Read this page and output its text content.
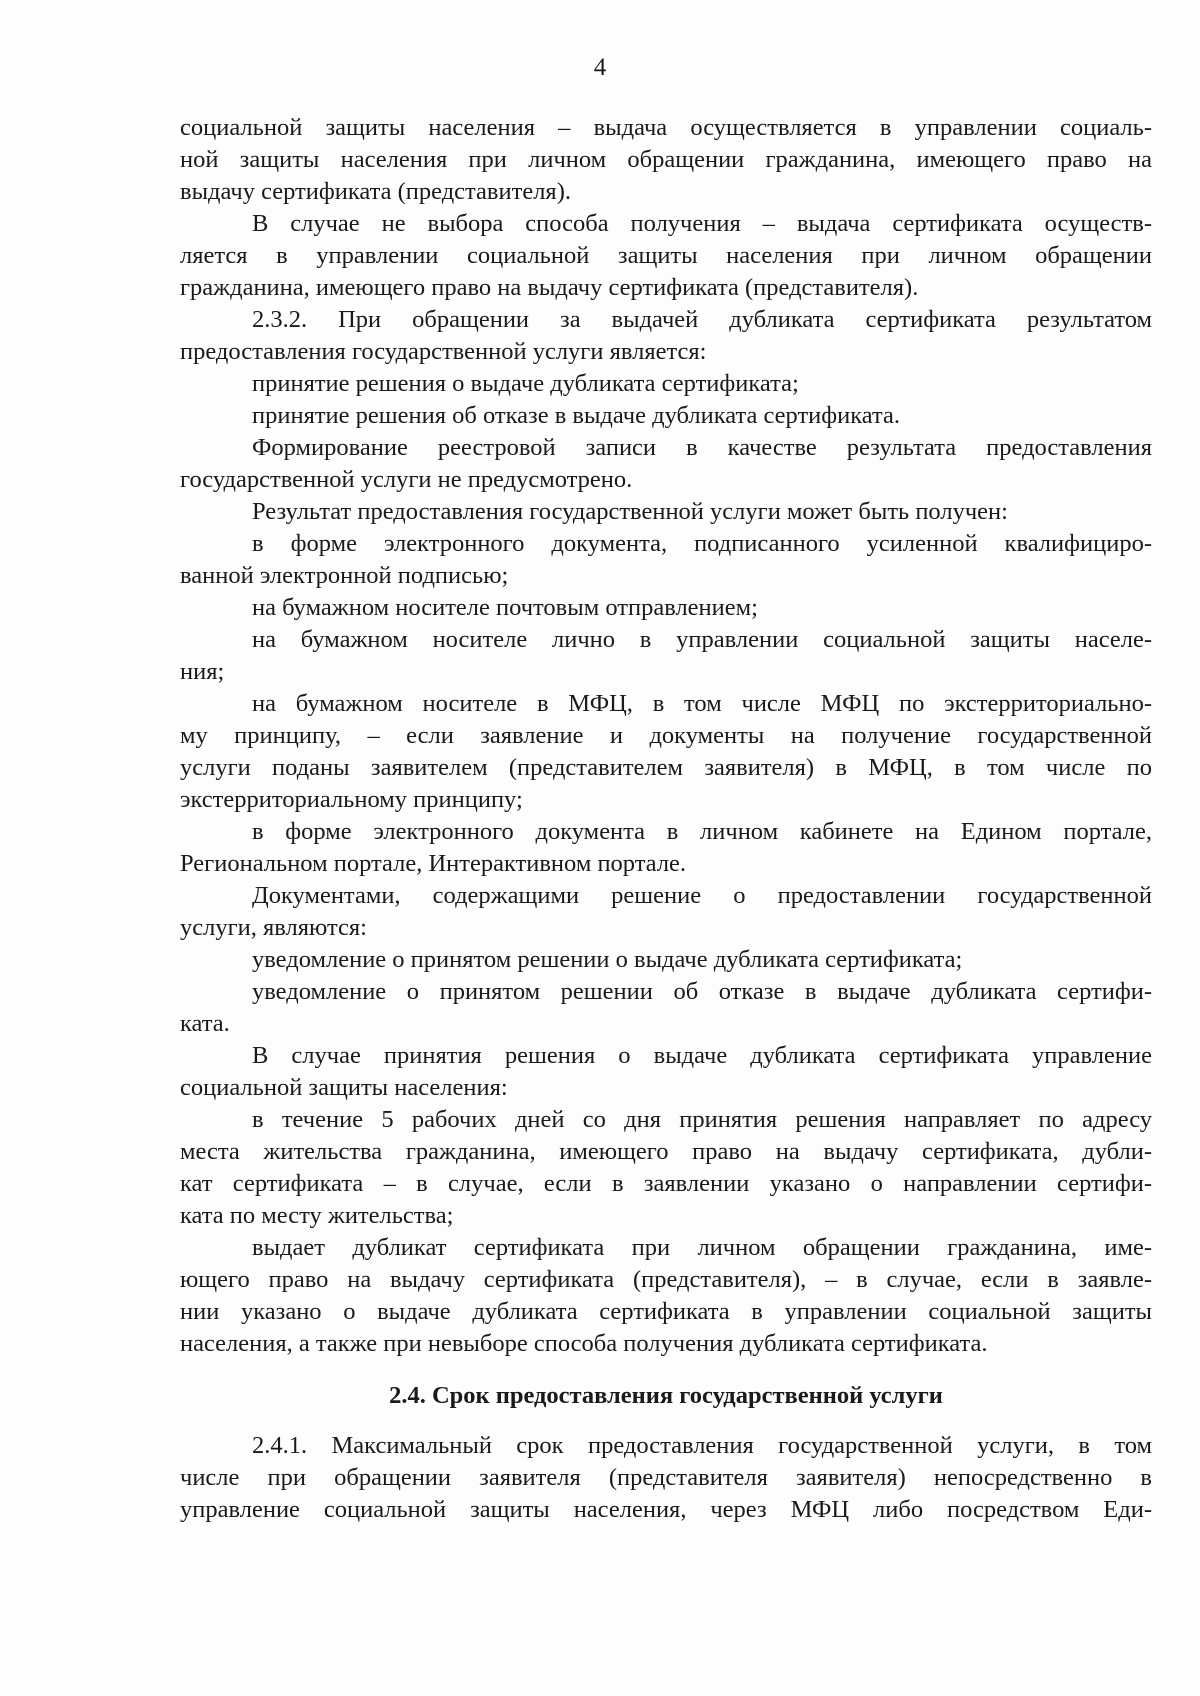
4
социальной защиты населения – выдача осуществляется в управлении социаль-
ной защиты населения при личном обращении гражданина, имеющего право на
выдачу сертификата (представителя).
В случае не выбора способа получения – выдача сертификата осуществ-
ляется в управлении социальной защиты населения при личном обращении
гражданина, имеющего право на выдачу сертификата (представителя).
2.3.2. При обращении за выдачей дубликата сертификата результатом
предоставления государственной услуги является:
принятие решения о выдаче дубликата сертификата;
принятие решения об отказе в выдаче дубликата сертификата.
Формирование реестровой записи в качестве результата предоставления
государственной услуги не предусмотрено.
Результат предоставления государственной услуги может быть получен:
в форме электронного документа, подписанного усиленной квалифициро-
ванной электронной подписью;
на бумажном носителе почтовым отправлением;
на бумажном носителе лично в управлении социальной защиты населе-
ния;
на бумажном носителе в МФЦ, в том числе МФЦ по экстерриториально-
му принципу, – если заявление и документы на получение государственной
услуги поданы заявителем (представителем заявителя) в МФЦ, в том числе по
экстерриториальному принципу;
в форме электронного документа в личном кабинете на Едином портале,
Региональном портале, Интерактивном портале.
Документами, содержащими решение о предоставлении государственной
услуги, являются:
уведомление о принятом решении о выдаче дубликата сертификата;
уведомление о принятом решении об отказе в выдаче дубликата сертифи-
ката.
В случае принятия решения о выдаче дубликата сертификата управление
социальной защиты населения:
в течение 5 рабочих дней со дня принятия решения направляет по адресу
места жительства гражданина, имеющего право на выдачу сертификата, дубли-
кат сертификата – в случае, если в заявлении указано о направлении сертифи-
ката по месту жительства;
выдает дубликат сертификата при личном обращении гражданина, име-
ющего право на выдачу сертификата (представителя), – в случае, если в заявле-
нии указано о выдаче дубликата сертификата в управлении социальной защиты
населения, а также при невыборе способа получения дубликата сертификата.
2.4. Срок предоставления государственной услуги
2.4.1. Максимальный срок предоставления государственной услуги, в том
числе при обращении заявителя (представителя заявителя) непосредственно в
управление социальной защиты населения, через МФЦ либо посредством Еди-
